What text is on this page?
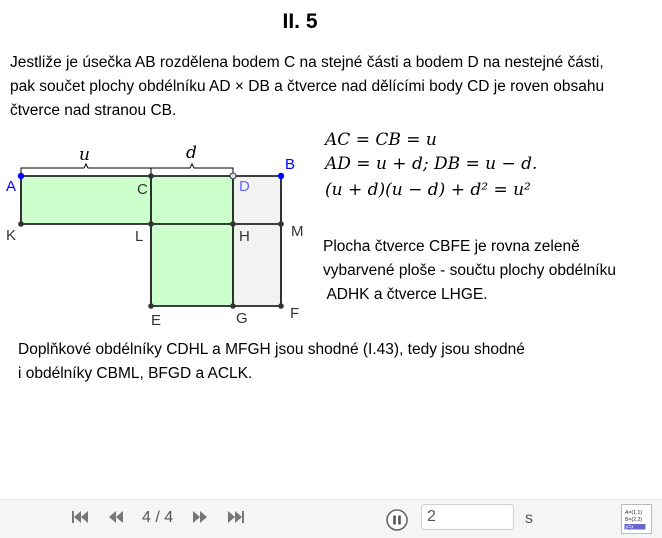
II. 5
Jestliže je úsečka AB rozdělena bodem C na stejné části a bodem D na nestejné části,
pak součet plochy obdélníku AD × DB a čtverce nad dělícími body CD je roven obsahu
čtverce nad stranou CB.
A
B
C	D
K	L	H	M
E	G	F
u	d
AC = CB = u
AD = u + d; DB = u − d.
(u + d)(u − d) + d² = u²
Plocha čtverce CBFE je rovna zeleně
vybarvené ploše - součtu plochy obdélníku
ADHK a čtverce LHGE.
Doplňkové obdélníky CDHL a MFGH jsou shodné (I.43), tedy jsou shodné
i obdélníky CBML, BFGD a ACLK.
4 / 4
2	s	A=(1,1)
B=(2,2)
y=x
